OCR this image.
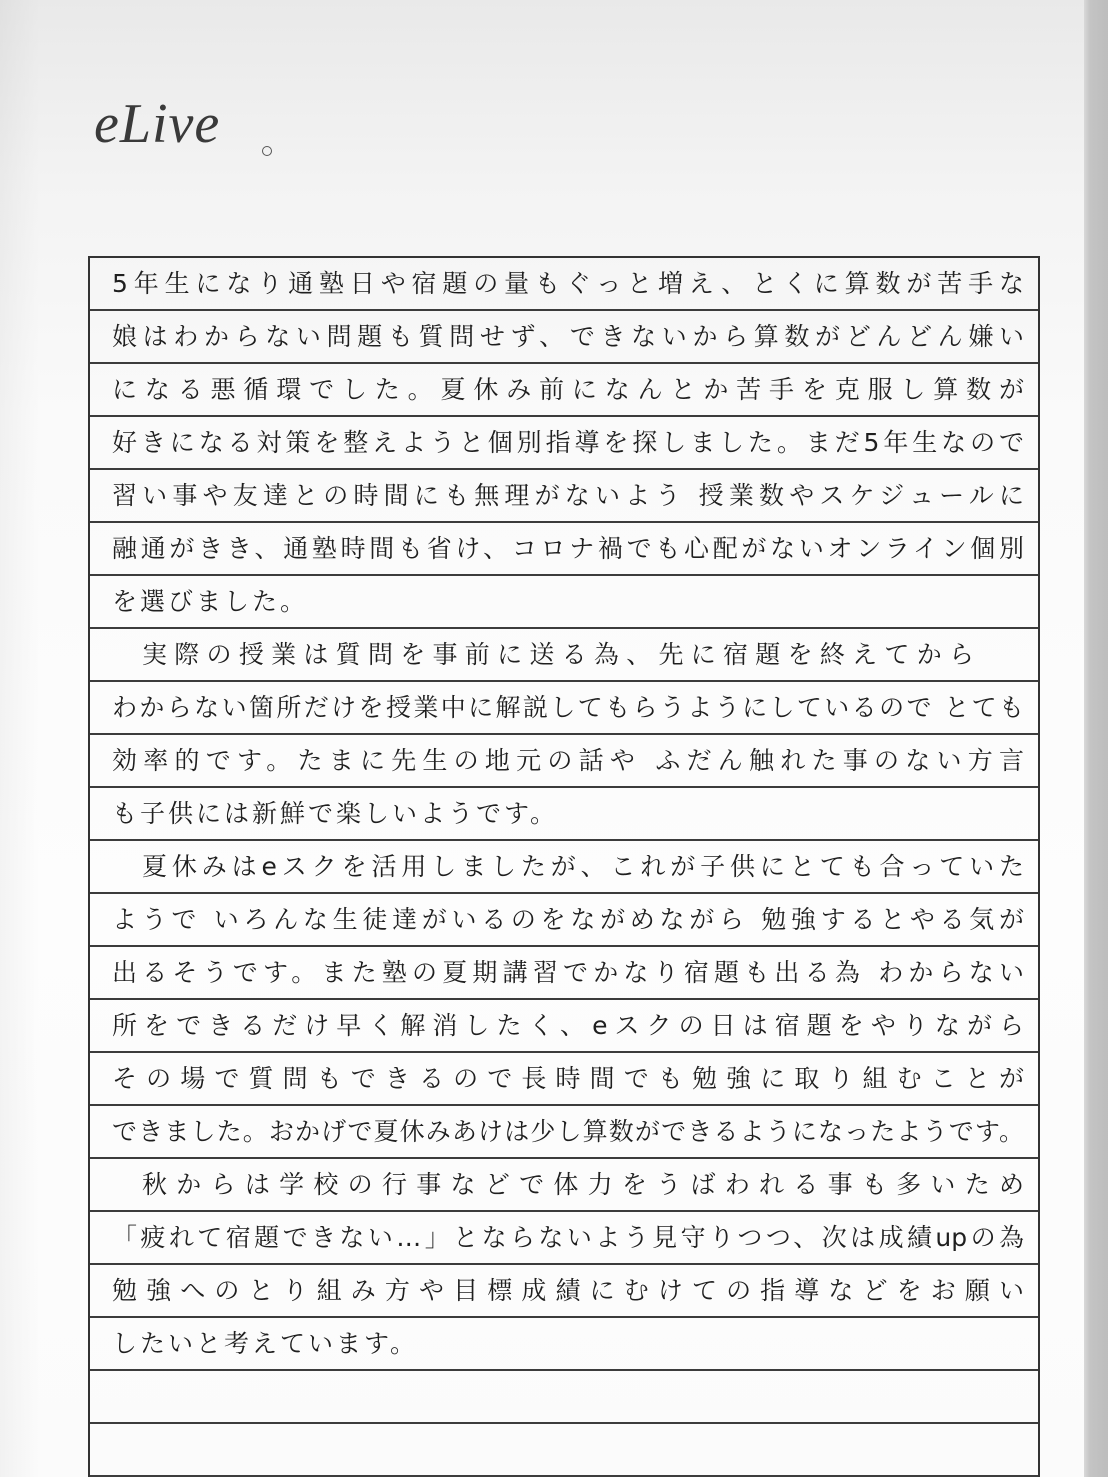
eLive
5年生になり通塾日や宿題の量もぐっと増え、とくに算数が苦手な
娘はわからない問題も質問せず、できないから算数がどんどん嫌い
になる悪循環でした。夏休み前になんとか苦手を克服し算数が
好きになる対策を整えようと個別指導を探しました。まだ5年生なので
習い事や友達との時間にも無理がないよう 授業数やスケジュールに
融通がきき、通塾時間も省け、コロナ禍でも心配がないオンライン個別
を選びました。
実際の授業は質問を事前に送る為、先に宿題を終えてから
わからない箇所だけを授業中に解説してもらうようにしているので とても
効率的です。たまに先生の地元の話や ふだん触れた事のない方言
も子供には新鮮で楽しいようです。
夏休みはeスクを活用しましたが、これが子供にとても合っていた
ようで いろんな生徒達がいるのをながめながら 勉強するとやる気が
出るそうです。また塾の夏期講習でかなり宿題も出る為 わからない
所をできるだけ早く解消したく、eスクの日は宿題をやりながら
その場で質問もできるので長時間でも勉強に取り組むことが
できました。おかげで夏休みあけは少し算数ができるようになったようです。
秋からは学校の行事などで体力をうばわれる事も多いため
「疲れて宿題できない…」とならないよう見守りつつ、次は成績upの為
勉強へのとり組み方や目標成績にむけての指導などをお願い
したいと考えています。
